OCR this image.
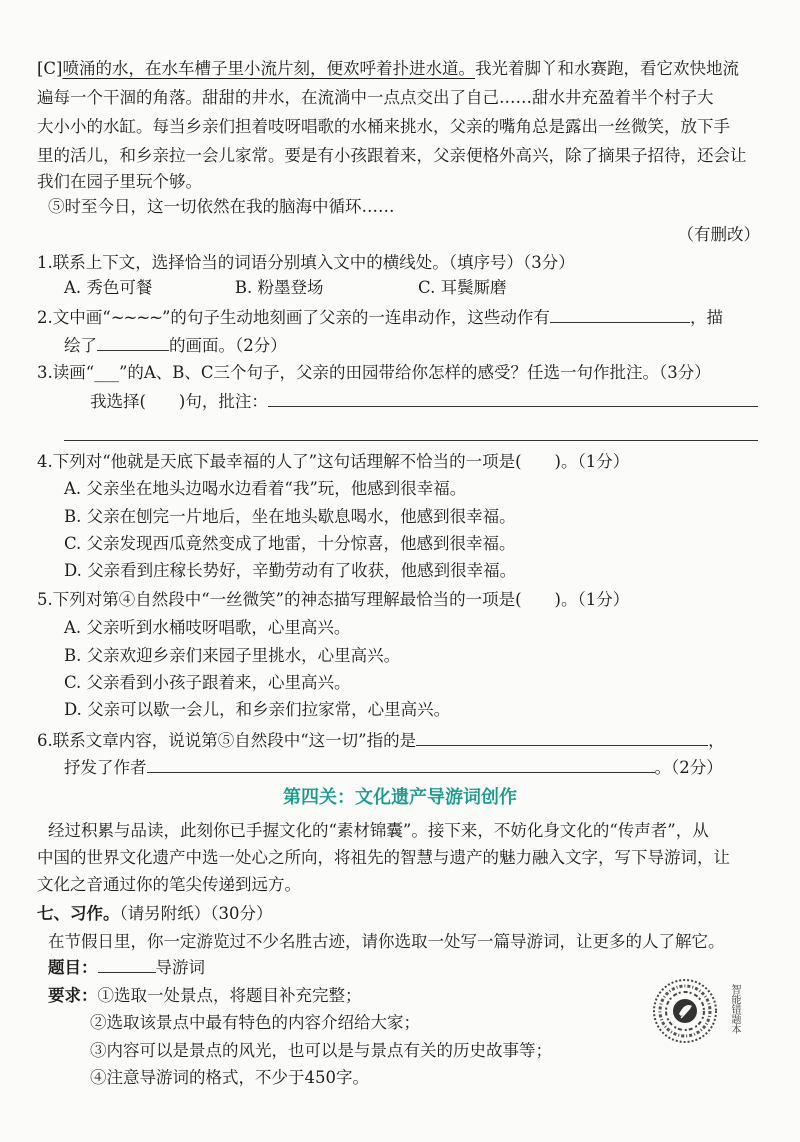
[C]喷涌的水，在水车槽子里小流片刻，便欢呼着扑进水道。我光着脚丫和水赛跑，看它欢快地流
遍每一个干涸的角落。甜甜的井水，在流淌中一点点交出了自己……甜水井充盈着半个村子大
大小小的水缸。每当乡亲们担着吱呀唱歌的水桶来挑水，父亲的嘴角总是露出一丝微笑，放下手
里的活儿，和乡亲拉一会儿家常。要是有小孩跟着来，父亲便格外高兴，除了摘果子招待，还会让
我们在园子里玩个够。
⑤时至今日，这一切依然在我的脑海中循环……
（有删改）
1.联系上下文，选择恰当的词语分别填入文中的横线处。（填序号）（3分）
A. 秀色可餐	B. 粉墨登场	C. 耳鬓厮磨
2.文中画“~~~~”的句子生动地刻画了父亲的一连串动作，这些动作有	，描
绘了	的画面。（2分）
3.读画“___”的A、B、C三个句子，父亲的田园带给你怎样的感受？任选一句作批注。（3分）
我选择(　　)句，批注：
4.下列对“他就是天底下最幸福的人了”这句话理解不恰当的一项是(　　)。（1分）
A. 父亲坐在地头边喝水边看着“我”玩，他感到很幸福。
B. 父亲在刨完一片地后，坐在地头歇息喝水，他感到很幸福。
C. 父亲发现西瓜竟然变成了地雷，十分惊喜，他感到很幸福。
D. 父亲看到庄稼长势好，辛勤劳动有了收获，他感到很幸福。
5.下列对第④自然段中“一丝微笑”的神态描写理解最恰当的一项是(　　)。（1分）
A. 父亲听到水桶吱呀唱歌，心里高兴。
B. 父亲欢迎乡亲们来园子里挑水，心里高兴。
C. 父亲看到小孩子跟着来，心里高兴。
D. 父亲可以歇一会儿，和乡亲们拉家常，心里高兴。
6.联系文章内容，说说第⑤自然段中“这一切”指的是	，
抒发了作者	。（2分）
第四关：文化遗产导游词创作
经过积累与品读，此刻你已手握文化的“素材锦囊”。接下来，不妨化身文化的“传声者”，从
中国的世界文化遗产中选一处心之所向，将祖先的智慧与遗产的魅力融入文字，写下导游词，让
文化之音通过你的笔尖传递到远方。
七、习作。（请另附纸）（30分）
在节假日里，你一定游览过不少名胜古迹，请你选取一处写一篇导游词，让更多的人了解它。
题目：	导游词
要求：①选取一处景点，将题目补充完整；
②选取该景点中最有特色的内容介绍给大家；
③内容可以是景点的风光，也可以是与景点有关的历史故事等；
④注意导游词的格式，不少于450字。
智能错题本
